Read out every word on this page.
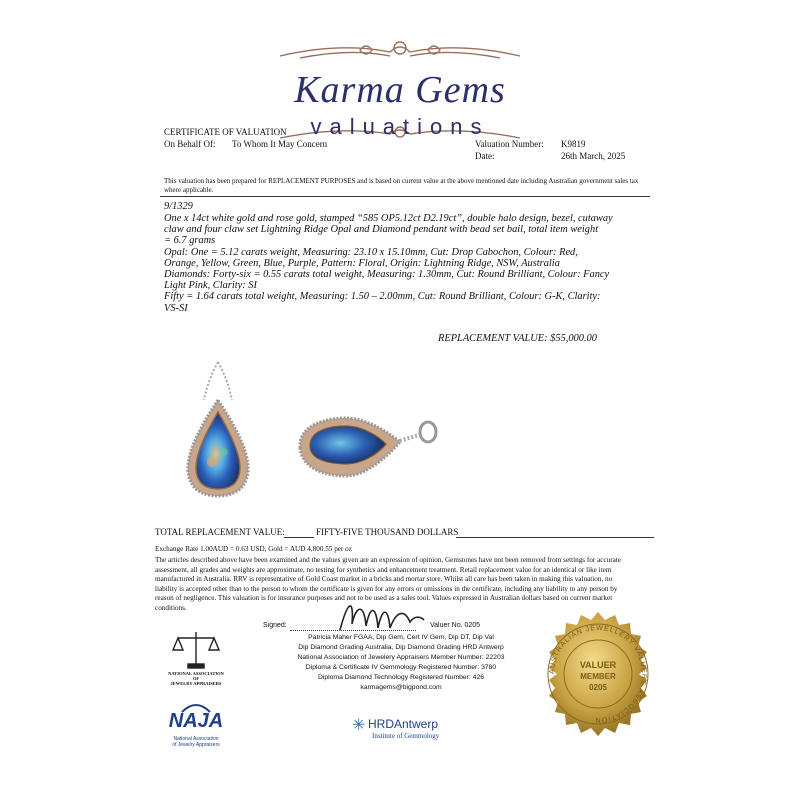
Karma Gems
valuations
CERTIFICATE OF VALUATION
On Behalf Of: To Whom It May Concern	Valuation Number: K9819
Date:	26th March, 2025
This valuation has been prepared for REPLACEMENT PURPOSES and is based on current value at the above mentioned date including Australian government sales tax where applicable.
9/1329
One x 14ct white gold and rose gold, stamped “585 OP5.12ct D2.19ct”, double halo design, bezel, cutaway
claw and four claw set Lightning Ridge Opal and Diamond pendant with bead set bail, total item weight
= 6.7 grams
Opal: One = 5.12 carats weight, Measuring: 23.10 x 15.10mm, Cut: Drop Cabochon, Colour: Red,
Orange, Yellow, Green, Blue, Purple, Pattern: Floral, Origin: Lightning Ridge, NSW, Australia
Diamonds: Forty-six = 0.55 carats total weight, Measuring: 1.30mm, Cut: Round Brilliant, Colour: Fancy
Light Pink, Clarity: SI
Fifty = 1.64 carats total weight, Measuring: 1.50 – 2.00mm, Cut: Round Brilliant, Colour: G-K, Clarity:
VS-SI
REPLACEMENT VALUE: $55,000.00
TOTAL REPLACEMENT VALUE:	FIFTY-FIVE THOUSAND DOLLARS
Exchange Rate 1.00AUD = 0.63 USD, Gold = AUD 4,800.55 per oz
The articles described above have been examined and the values given are an expression of opinion. Gemstones have not been removed from settings for accurate
assessment, all grades and weights are approximate, no testing for synthetics and enhancement treatment. Retail replacement value for an identical or like item
manufactured in Australia. RRV is representative of Gold Coast market in a bricks and mortar store. Whilst all care has been taken in making this valuation, no
liability is accepted other than to the person to whom the certificate is given for any errors or omissions in the certificate, including any liability to any person by
reason of negligence. This valuation is for insurance purposes and not to be used as a sales tool. Values expressed in Australian dollars based on current market
conditions.
Signed:	Valuer No. 0205
Patricia Maher FGAA, Dip Gem, Cert IV Gem, Dip DT, Dip Val
Dip Diamond Grading Australia, Dip Diamond Grading HRD Antwerp
National Association of Jewelery Appraisers Member Number: 22203
Diploma & Certificate IV Gemmology Registered Number: 3780
Diploma Diamond Technology Registered Number: 426
karmagems@bigpond.com
NATIONAL ASSOCIATION
OF
JEWELRY APPRAISERS
NAJA
National Association
of Jewelry Appraisers
✳ HRDAntwerp
Institute of Gemmology
AUSTRALIAN JEWELLERY VALUERS ASSOCIATION
VALUER
MEMBER
0205
